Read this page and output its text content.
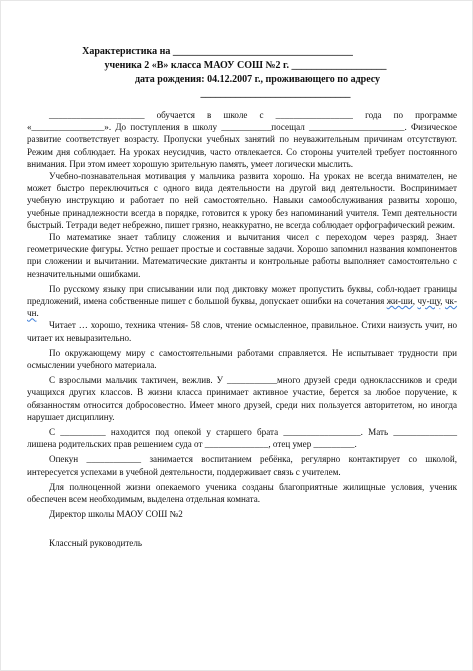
Характеристика на ____________________________________
ученика 2 «В» класса МАОУ СОШ №2 г. ___________________
дата рождения: 04.12.2007 г., проживающего по адресу
______________________________

_____________________ обучается в школе с _________________ года по программе «________________». До поступления в школу ___________посещал _____________________. Физическое развитие соответствует возрасту. Пропуски учебных занятий по неуважительным причинам отсутствуют. Режим дня соблюдает. На уроках неусидчив, часто отвлекается. Со стороны учителей требует постоянного внимания. При этом имеет хорошую зрительную память, умеет логически мыслить.

Учебно-познавательная мотивация у мальчика развита хорошо. На уроках не всегда внимателен, не может быстро переключиться с одного вида деятельности на другой вид деятельности. Воспринимает учебную инструкцию и работает по ней самостоятельно. Навыки самообслуживания развиты хорошо, учебные принадлежности всегда в порядке, готовится к уроку без напоминаний учителя. Темп деятельности быстрый. Тетради ведет небрежно, пишет грязно, неаккуратно, не всегда соблюдает орфографический режим.

По математике знает таблицу сложения и вычитания чисел с переходом через разряд. Знает геометрические фигуры. Устно решает простые и составные задачи. Хорошо запомнил названия компонентов при сложении и вычитании. Математические диктанты и контрольные работы выполняет самостоятельно с незначительными ошибками.

По русскому языку при списывании или под диктовку может пропустить буквы, собл-юдает границы предложений, имена собственные пишет с большой буквы, допускает ошибки на сочетания жи-ши, чу-щу, чк-чн.

Читает … хорошо, техника чтения- 58 слов, чтение осмысленное, правильное. Стихи наизусть учит, но читает их невыразительно.

По окружающему миру с самостоятельными работами справляется. Не испытывает трудности при осмыслении учебного материала.

С взрослыми мальчик тактичен, вежлив. У ___________много друзей среди одноклассников и среди учащихся других классов. В жизни класса принимает активное участие, берется за любое поручение, к обязанностям относится добросовестно. Имеет много друзей, среди них пользуется авторитетом, но иногда нарушает дисциплину.

С __________ находится под опекой у старшего брата _________________. Мать ______________ лишена родительских прав решением суда от ______________, отец умер _________.

Опекун ____________ занимается воспитанием ребёнка, регулярно контактирует со школой, интересуется успехами в учебной деятельности, поддерживает связь с учителем.

Для полноценной жизни опекаемого ученика созданы благоприятные жилищные условия, ученик обеспечен всем необходимым, выделена отдельная комната.

Директор школы МАОУ СОШ №2

Классный руководитель
